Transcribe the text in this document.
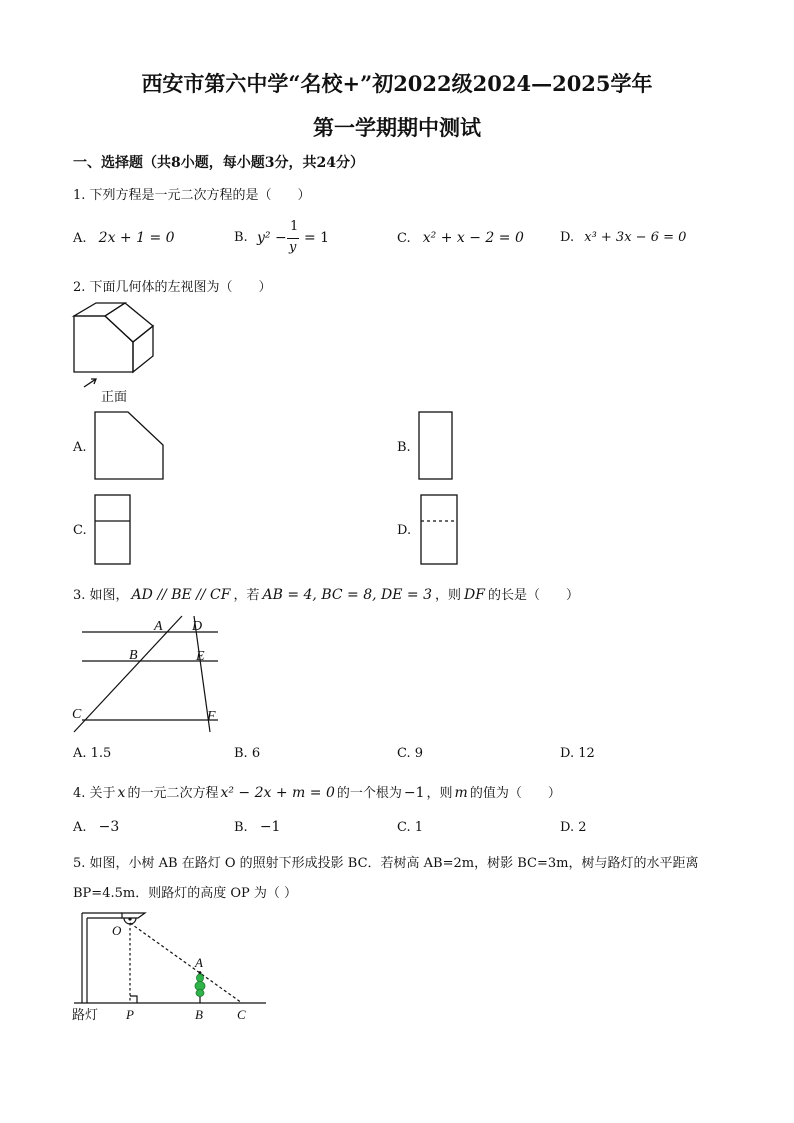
西安市第六中学“名校+”初2022级2024—2025学年
第一学期期中测试
一、选择题（共8小题，每小题3分，共24分）
1. 下列方程是一元二次方程的是（　　）
A. 2x + 1 = 0	B. y² −
1
y
= 1	C. x² + x − 2 = 0	D. x³ + 3x − 6 = 0
2. 下面几何体的左视图为（　　）
正面
A.	B.
C.	D.
3. 如图， AD // BE // CF ，若 AB = 4, BC = 8, DE = 3 ，则 DF 的长是（　　）
A D
B	E
C	F
A. 1.5	B. 6	C. 9	D. 12
4. 关于 x 的一元二次方程 x² − 2x + m = 0 的一个根为 −1 ，则 m 的值为（　　）
A. −3	B. −1	C. 1	D. 2
5. 如图，小树 AB 在路灯 O 的照射下形成投影 BC．若树高 AB=2m，树影 BC=3m，树与路灯的水平距离
BP=4.5m．则路灯的高度 OP 为（ ）
O
A
P	B	C
路灯
